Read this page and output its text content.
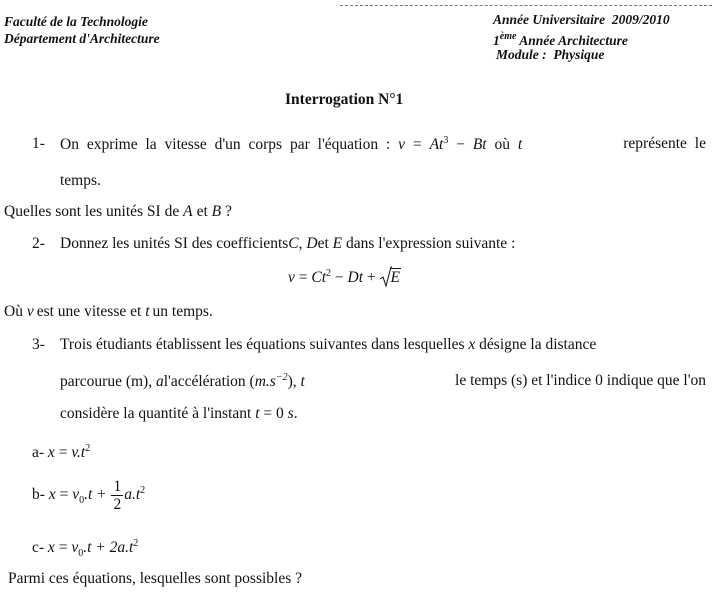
Faculté de la Technologie
Département d'Architecture
Année Universitaire 2009/2010
1ème Année Architecture
Module : Physique
Interrogation N°1
1- On exprime la vitesse d'un corps par l'équation : $v = At^3 - Bt$ où t	représente le
temps.
Quelles sont les unités SI de A et B ?
2- Donnez les unités SI des coefficientsC, Det E dans l'expression suivante :
$v = Ct^2 - Dt$ +
E
Où v est une vitesse et t un temps.
3- Trois étudiants établissent les équations suivantes dans lesquelles x désigne la distance
parcourue (m), al'accélération $(m.s^{-2})$, t	le temps (s) et l'indice 0 indique que l'on
considère la quantité à l'instant t = 0 s.
a- $x = v.t^2$
b- $x = v_0.t + \frac{1}{2} a.t^2$
c- $x = v_0.t + 2a.t^2$
Parmi ces équations, lesquelles sont possibles ?
